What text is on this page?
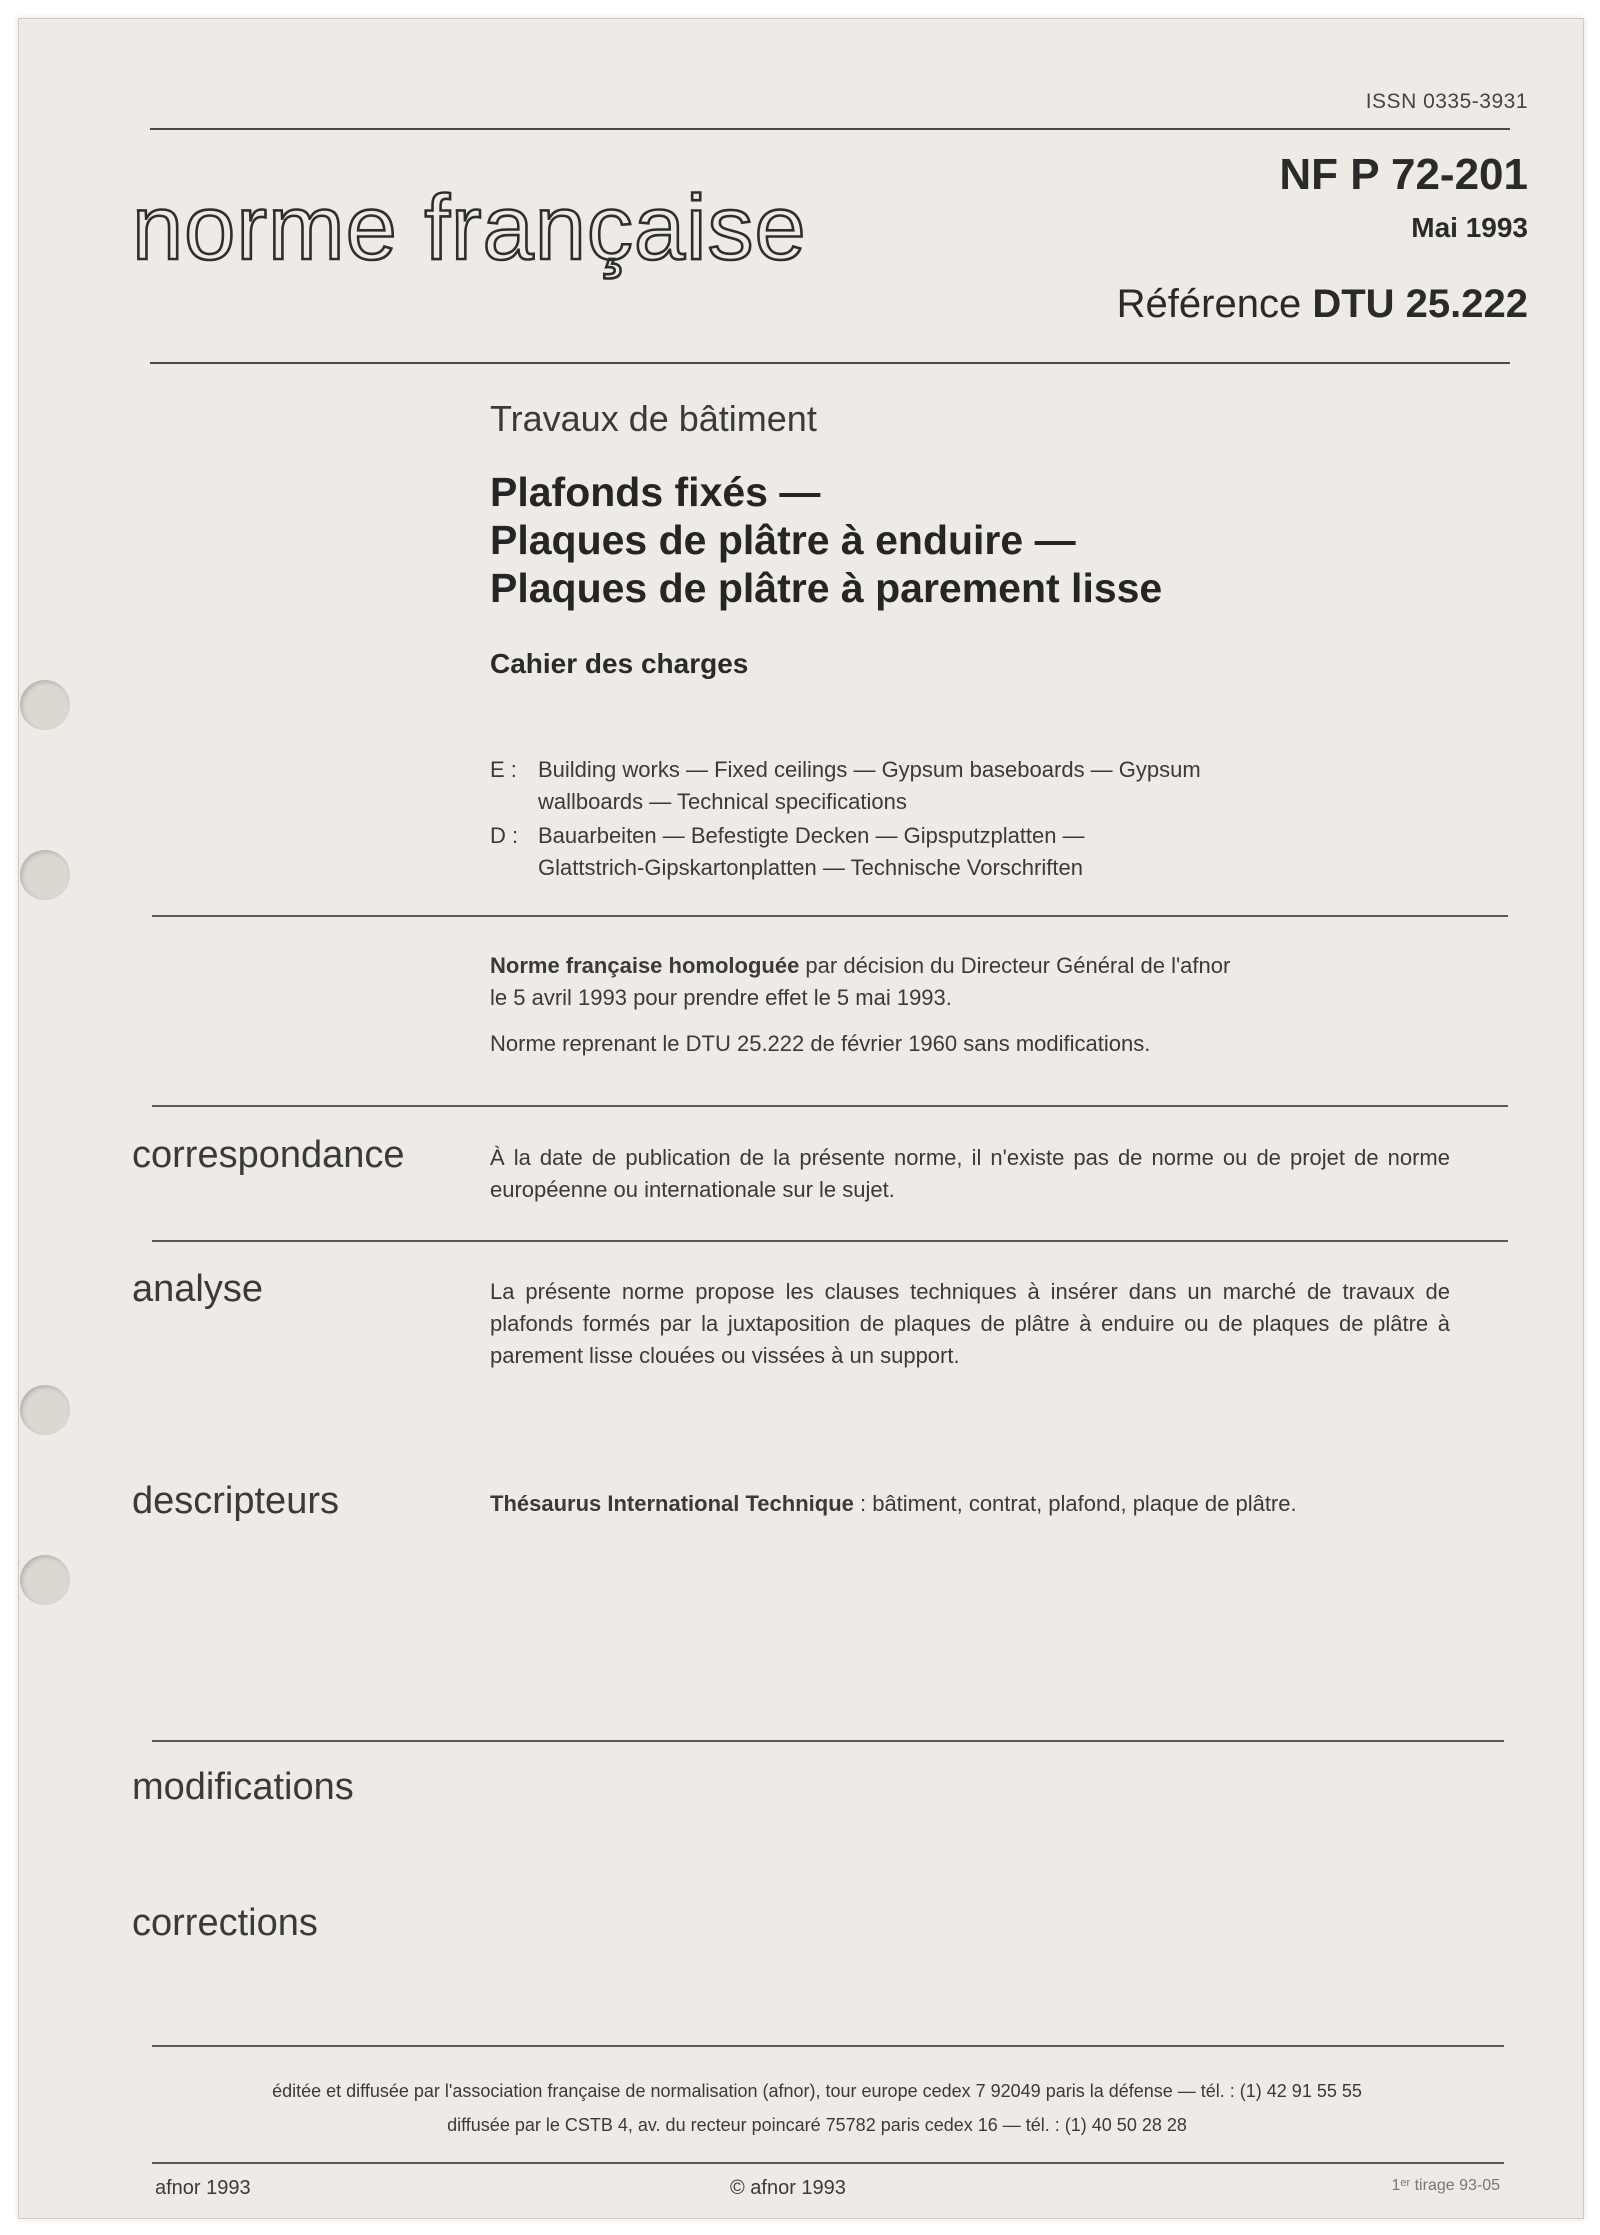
ISSN 0335-3931
norme française
NF P 72-201
Mai 1993
Référence DTU 25.222
Travaux de bâtiment
Plafonds fixés —
Plaques de plâtre à enduire —
Plaques de plâtre à parement lisse
Cahier des charges
E : Building works — Fixed ceilings — Gypsum baseboards — Gypsum
wallboards — Technical specifications
D : Bauarbeiten — Befestigte Decken — Gipsputzplatten —
Glattstrich-Gipskartonplatten — Technische Vorschriften
Norme française homologuée par décision du Directeur Général de l'afnor
le 5 avril 1993 pour prendre effet le 5 mai 1993.
Norme reprenant le DTU 25.222 de février 1960 sans modifications.
correspondance	À la date de publication de la présente norme, il n'existe pas de norme ou de projet de norme européenne ou internationale sur le sujet.
analyse	La présente norme propose les clauses techniques à insérer dans un marché de travaux de plafonds formés par la juxtaposition de plaques de plâtre à enduire ou de plaques de plâtre à parement lisse clouées ou vissées à un support.
descripteurs	Thésaurus International Technique : bâtiment, contrat, plafond, plaque de plâtre.
modifications
corrections
éditée et diffusée par l'association française de normalisation (afnor), tour europe cedex 7 92049 paris la défense — tél. : (1) 42 91 55 55
diffusée par le CSTB 4, av. du recteur poincaré 75782 paris cedex 16 — tél. : (1) 40 50 28 28
afnor 1993	© afnor 1993	1ᵉʳ tirage 93-05
